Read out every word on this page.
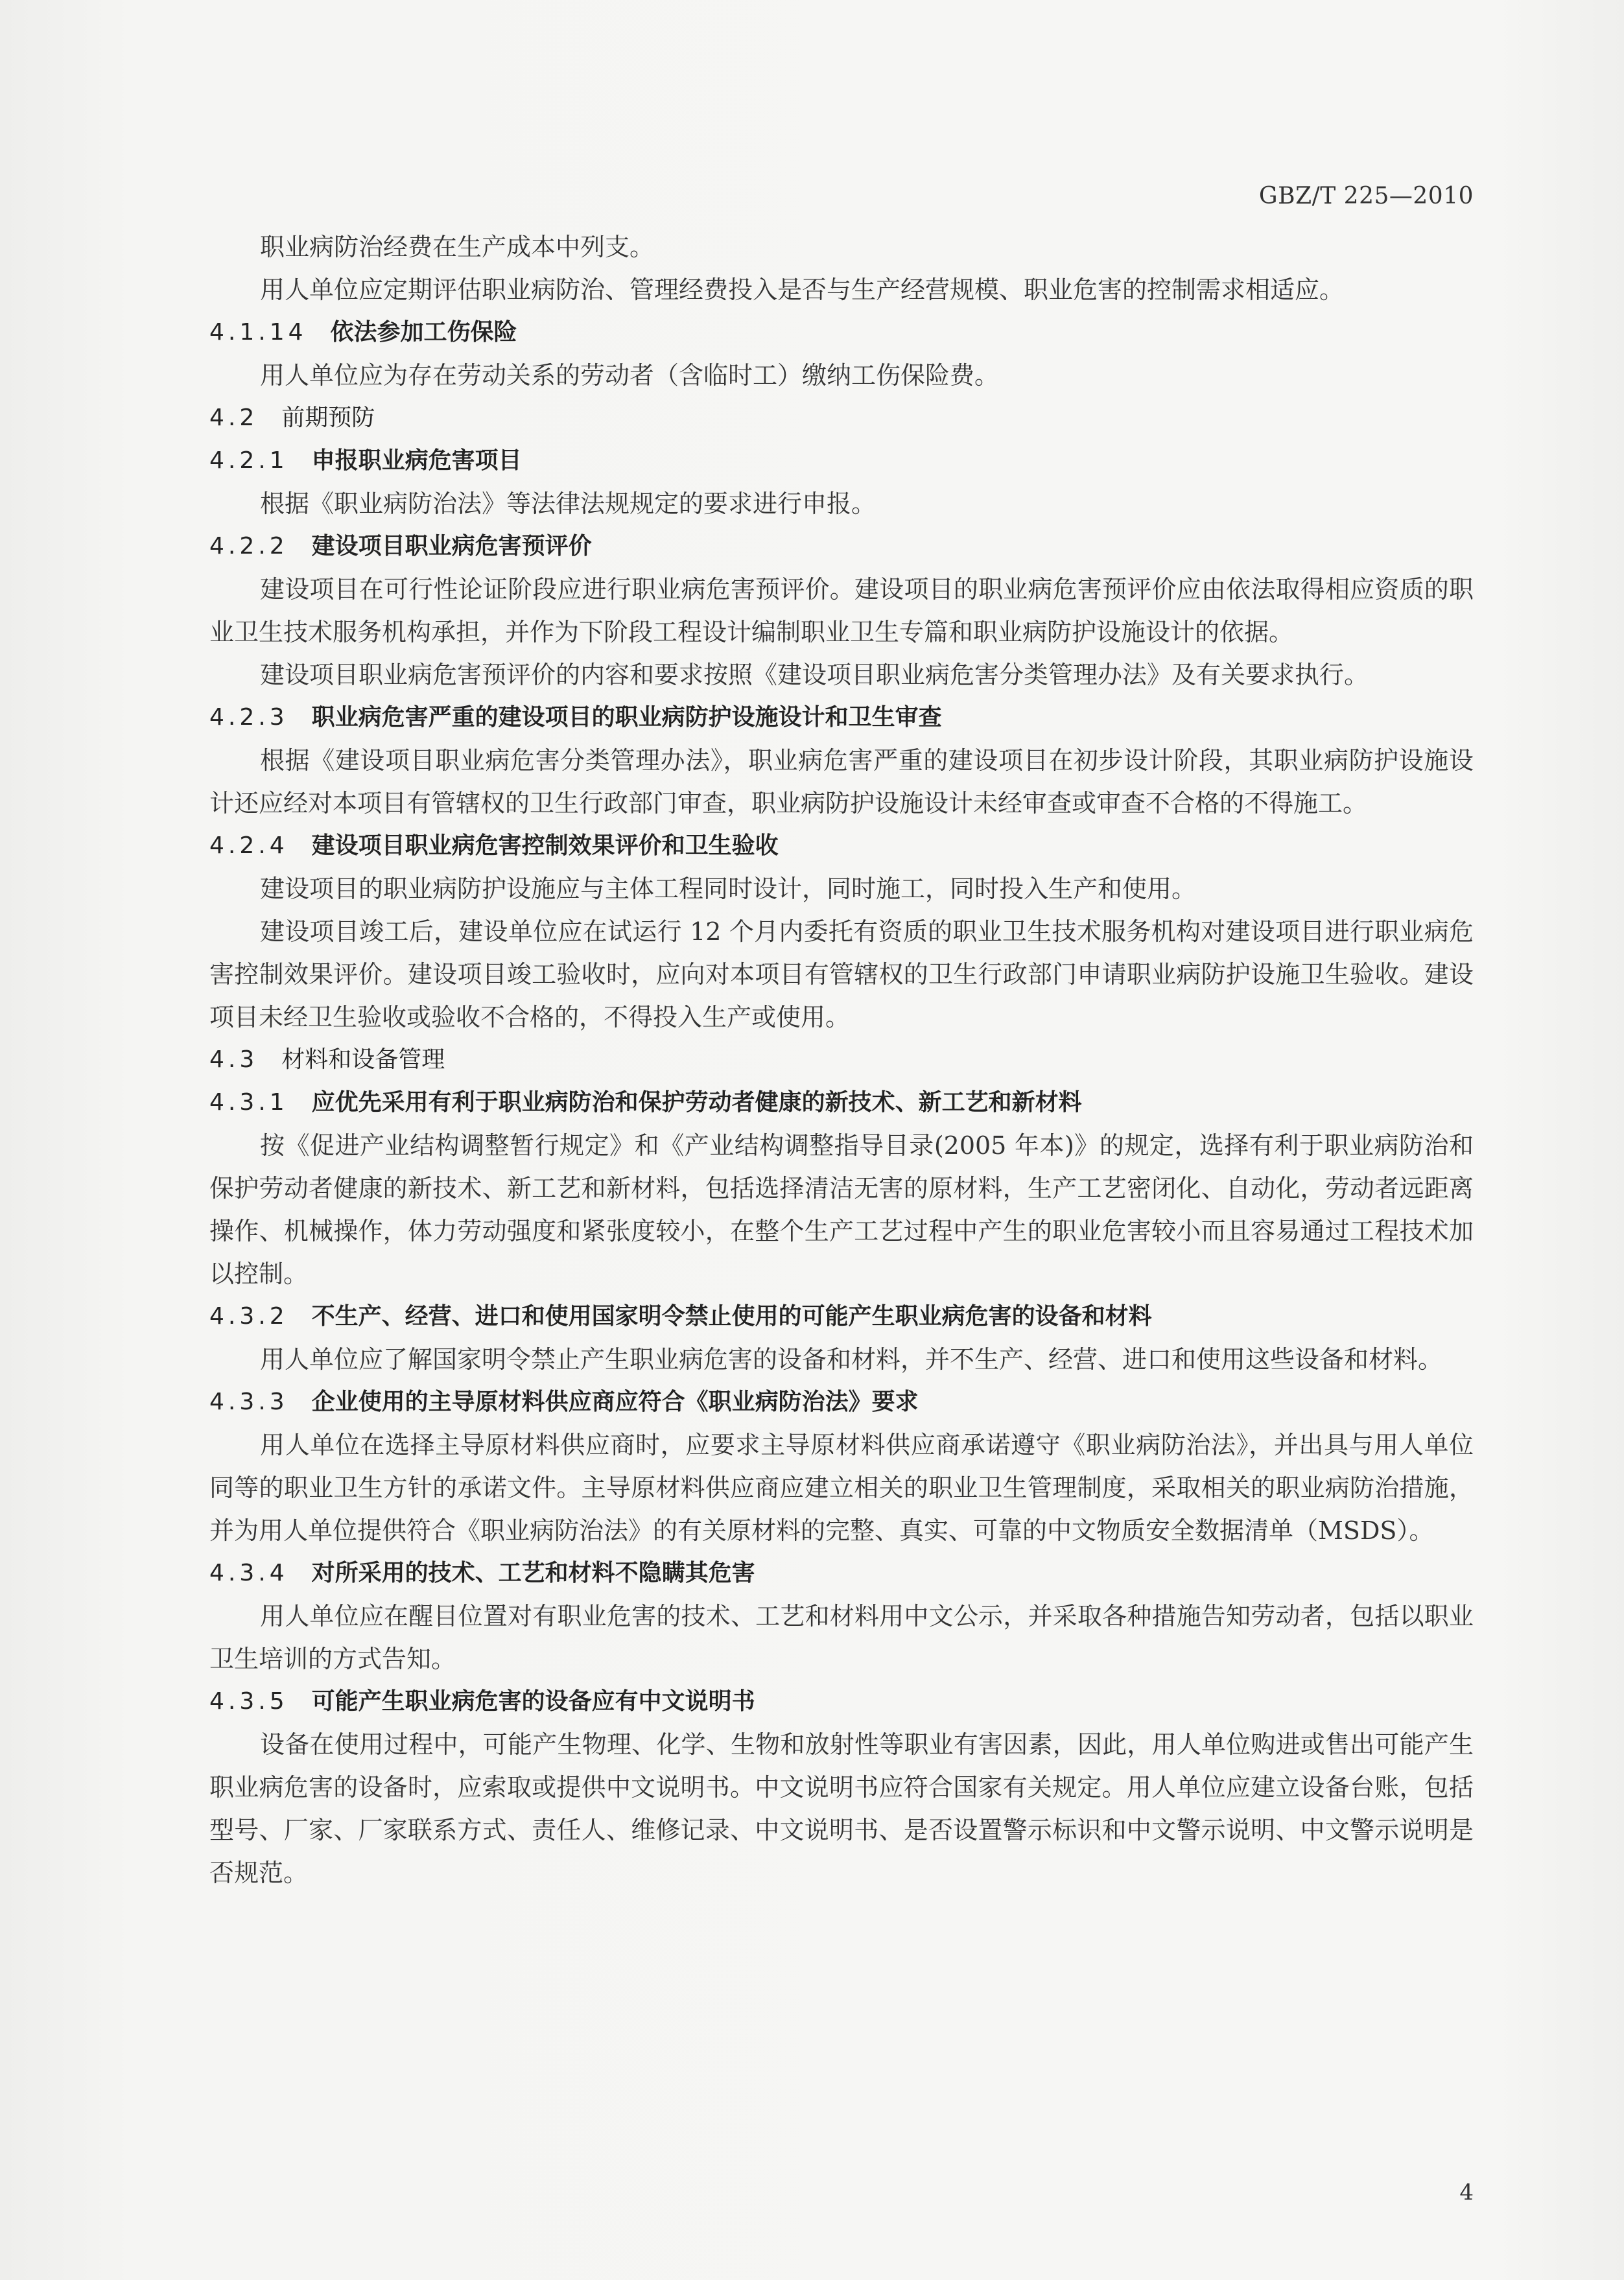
GBZ/T 225—2010

职业病防治经费在生产成本中列支。

用人单位应定期评估职业病防治、管理经费投入是否与生产经营规模、职业危害的控制需求相适应。

4.1.14 依法参加工伤保险

用人单位应为存在劳动关系的劳动者（含临时工）缴纳工伤保险费。

4.2 前期预防
4.2.1 申报职业病危害项目

根据《职业病防治法》等法律法规规定的要求进行申报。

4.2.2 建设项目职业病危害预评价

建设项目在可行性论证阶段应进行职业病危害预评价。建设项目的职业病危害预评价应由依法取得相应资质的职业卫生技术服务机构承担，并作为下阶段工程设计编制职业卫生专篇和职业病防护设施设计的依据。

建设项目职业病危害预评价的内容和要求按照《建设项目职业病危害分类管理办法》及有关要求执行。

4.2.3 职业病危害严重的建设项目的职业病防护设施设计和卫生审查

根据《建设项目职业病危害分类管理办法》，职业病危害严重的建设项目在初步设计阶段，其职业病防护设施设计还应经对本项目有管辖权的卫生行政部门审查，职业病防护设施设计未经审查或审查不合格的不得施工。

4.2.4 建设项目职业病危害控制效果评价和卫生验收

建设项目的职业病防护设施应与主体工程同时设计，同时施工，同时投入生产和使用。

建设项目竣工后，建设单位应在试运行 12 个月内委托有资质的职业卫生技术服务机构对建设项目进行职业病危害控制效果评价。建设项目竣工验收时，应向对本项目有管辖权的卫生行政部门申请职业病防护设施卫生验收。建设项目未经卫生验收或验收不合格的，不得投入生产或使用。

4.3 材料和设备管理
4.3.1 应优先采用有利于职业病防治和保护劳动者健康的新技术、新工艺和新材料

按《促进产业结构调整暂行规定》和《产业结构调整指导目录(2005 年本)》的规定，选择有利于职业病防治和保护劳动者健康的新技术、新工艺和新材料，包括选择清洁无害的原材料，生产工艺密闭化、自动化，劳动者远距离操作、机械操作，体力劳动强度和紧张度较小，在整个生产工艺过程中产生的职业危害较小而且容易通过工程技术加以控制。

4.3.2 不生产、经营、进口和使用国家明令禁止使用的可能产生职业病危害的设备和材料

用人单位应了解国家明令禁止产生职业病危害的设备和材料，并不生产、经营、进口和使用这些设备和材料。

4.3.3 企业使用的主导原材料供应商应符合《职业病防治法》要求

用人单位在选择主导原材料供应商时，应要求主导原材料供应商承诺遵守《职业病防治法》，并出具与用人单位同等的职业卫生方针的承诺文件。主导原材料供应商应建立相关的职业卫生管理制度，采取相关的职业病防治措施，并为用人单位提供符合《职业病防治法》的有关原材料的完整、真实、可靠的中文物质安全数据清单（MSDS）。

4.3.4 对所采用的技术、工艺和材料不隐瞒其危害

用人单位应在醒目位置对有职业危害的技术、工艺和材料用中文公示，并采取各种措施告知劳动者，包括以职业卫生培训的方式告知。

4.3.5 可能产生职业病危害的设备应有中文说明书

设备在使用过程中，可能产生物理、化学、生物和放射性等职业有害因素，因此，用人单位购进或售出可能产生职业病危害的设备时，应索取或提供中文说明书。中文说明书应符合国家有关规定。用人单位应建立设备台账，包括型号、厂家、厂家联系方式、责任人、维修记录、中文说明书、是否设置警示标识和中文警示说明、中文警示说明是否规范。

4
